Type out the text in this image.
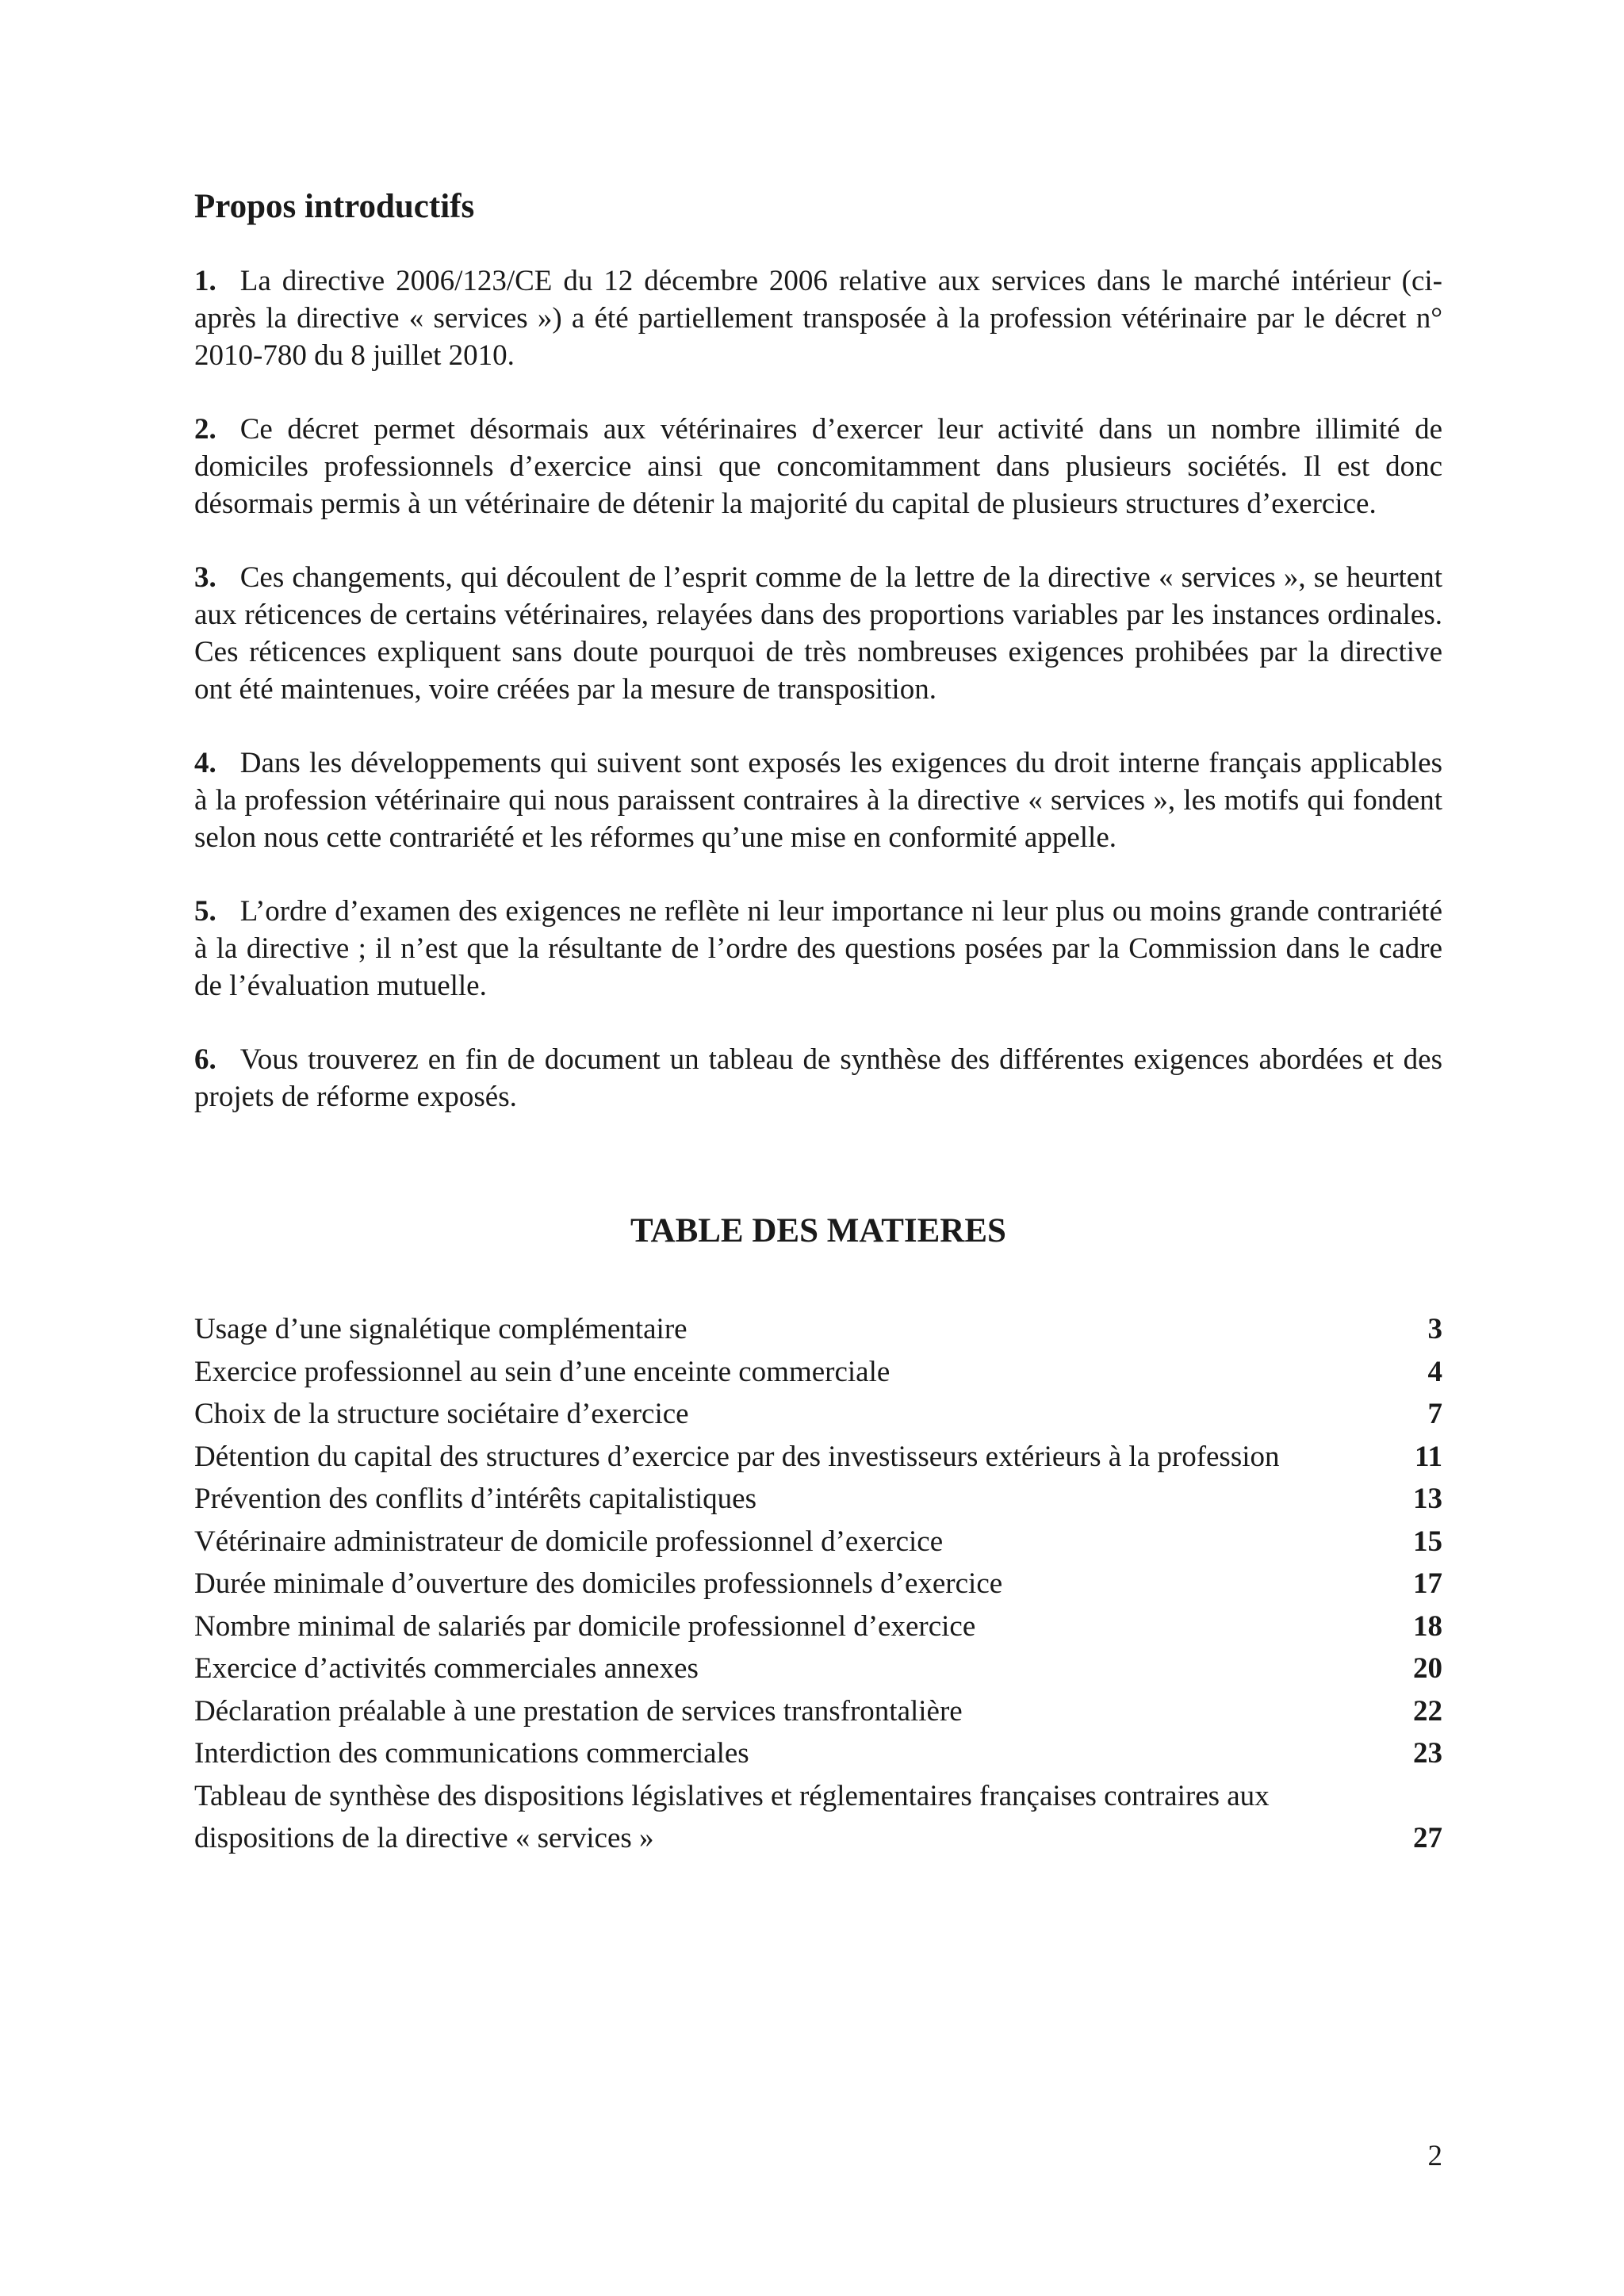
Propos introductifs

1. La directive 2006/123/CE du 12 décembre 2006 relative aux services dans le marché intérieur (ci-après la directive « services ») a été partiellement transposée à la profession vétérinaire par le décret n° 2010-780 du 8 juillet 2010.

2. Ce décret permet désormais aux vétérinaires d’exercer leur activité dans un nombre illimité de domiciles professionnels d’exercice ainsi que concomitamment dans plusieurs sociétés. Il est donc désormais permis à un vétérinaire de détenir la majorité du capital de plusieurs structures d’exercice.

3. Ces changements, qui découlent de l’esprit comme de la lettre de la directive « services », se heurtent aux réticences de certains vétérinaires, relayées dans des proportions variables par les instances ordinales. Ces réticences expliquent sans doute pourquoi de très nombreuses exigences prohibées par la directive ont été maintenues, voire créées par la mesure de transposition.

4. Dans les développements qui suivent sont exposés les exigences du droit interne français applicables à la profession vétérinaire qui nous paraissent contraires à la directive « services », les motifs qui fondent selon nous cette contrariété et les réformes qu’une mise en conformité appelle.

5. L’ordre d’examen des exigences ne reflète ni leur importance ni leur plus ou moins grande contrariété à la directive ; il n’est que la résultante de l’ordre des questions posées par la Commission dans le cadre de l’évaluation mutuelle.

6. Vous trouverez en fin de document un tableau de synthèse des différentes exigences abordées et des projets de réforme exposés.

TABLE DES MATIERES
Usage d’une signalétique complémentaire	3
Exercice professionnel au sein d’une enceinte commerciale	4
Choix de la structure sociétaire d’exercice	7
Détention du capital des structures d’exercice par des investisseurs extérieurs à la profession	11
Prévention des conflits d’intérêts capitalistiques	13
Vétérinaire administrateur de domicile professionnel d’exercice	15
Durée minimale d’ouverture des domiciles professionnels d’exercice	17
Nombre minimal de salariés par domicile professionnel d’exercice	18
Exercice d’activités commerciales annexes	20
Déclaration préalable à une prestation de services transfrontalière	22
Interdiction des communications commerciales	23
Tableau de synthèse des dispositions législatives et réglementaires françaises contraires aux dispositions de la directive « services »	27
2
